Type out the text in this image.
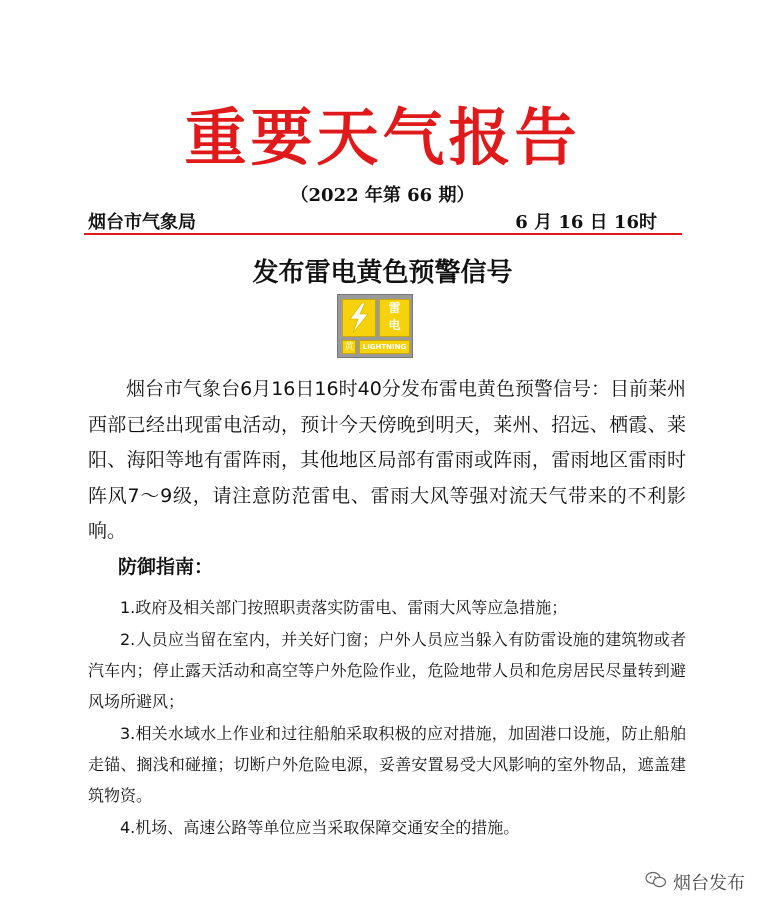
重要天气报告
（2022 年第 66 期）
烟台市气象局	6 月 16 日 16时
发布雷电黄色预警信号
雷
电
黄	LIGHTNING
烟台市气象台6月16日16时40分发布雷电黄色预警信号：目前莱州西部已经出现雷电活动，预计今天傍晚到明天，莱州、招远、栖霞、莱阳、海阳等地有雷阵雨，其他地区局部有雷雨或阵雨，雷雨地区雷雨时阵风7～9级，请注意防范雷电、雷雨大风等强对流天气带来的不利影响。
防御指南：
1.政府及相关部门按照职责落实防雷电、雷雨大风等应急措施；
2.人员应当留在室内，并关好门窗；户外人员应当躲入有防雷设施的建筑物或者汽车内；停止露天活动和高空等户外危险作业，危险地带人员和危房居民尽量转到避风场所避风；
3.相关水域水上作业和过往船舶采取积极的应对措施，加固港口设施，防止船舶走锚、搁浅和碰撞；切断户外危险电源，妥善安置易受大风影响的室外物品，遮盖建筑物资。
4.机场、高速公路等单位应当采取保障交通安全的措施。
烟台发布
